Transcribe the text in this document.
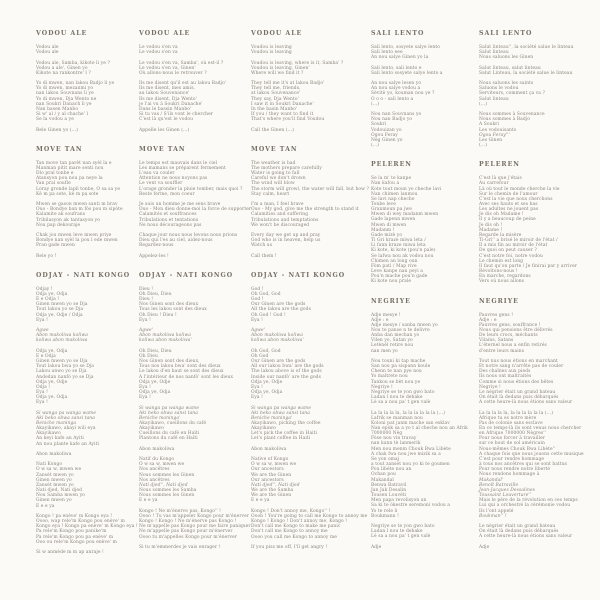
VODOU ALE

Vodou ale
Vodou ale

Vodou ale, Samba, kikote li ye ?
Vodou a ale', Ginen yo
Kikote na rankontre' l ?

Yo di mwen, nan lakou Badjo li ye
Yo di mwen, mezanmi yo
nan lakou Souvnans li ye
Yo di mwen, Dja Wento ne
nan Soukri Danach li ye
Nan basen Manbo
Si w' al / y al chache' l
Se la vodou a ye

Rele Ginen yo (...)

MOVE TAN

Tan move tan parèt nan syèl la e
Manman pitit mare senti nou
Dlo pral tonbe e
Atansyon pou nou pa neye la
Van pral soufle
Loray gronde lapli tonbe, O sa sa ye
Kè m pa sote, kè m pa sote

Mwen se gason mwen santi m brav
Ouo - Bondye ban m fòs pou m sipòte
Kalamite ak soufrans
Tribilasyon ak tantasyon yo
Nou pap dekouraje

Chak jou mwen leve mwen priye
Bondye nan syèl la pou l ede mwen
Pran gade mwen

Rele yo !

ODJAY - NATI KONGO

Odjay !
Odja ye, Odja
E e Odja !
Ginen mwen yo se Dja
Tout lakou yo se Dja
Odja ye, Odje / Odja
Eya !

Agwe
Abon makoliwa koliwa
koliwa abon makoliwa

Odja ye, Odja
E e Odja
Ginen mwen yo se Dja
Tout lakou bwa yo se Dja
Lakou anwo yo se Dja
Andedan nanfò yo se Dja
Odja ye, Odje
Odja !
Eya !
Odja ye, Odja
Eya !

Si wanga pa wanga wame
Aki beko obwa sansi tana
Beniche maninga
Akayikawo, akayi wili eya
Akayikawo
An keyi kafe an Ayiti
An nou plante kafe an Ayiti

Abon makoliwa

Nati Kongo
O w sa w, mwen we
Zansèt mwen yo
Ginen mwen yo
Zansèt mwen yo
Nati djed, Nati djed
Nou Samba mwen yo
Ginen mwen yo
E e e ya

Kongo ! pa enève' m Kongo eya !
Oooo, wap rele'm Kongo pou enève' m
Kongo eya ! Kongo pa enève' m Kongo eya !
Pa rele'm Kongo pou panike'm
Pa rele'm Kongo pou pa enève' m
Ooo ou rele'm Kongo pou enève' m

Si w anmède m m ap anraje !

VODOU ALE

Le vodou s'en va
Le vodou s'en va

Le vodou s'en va, Samba', où est-il ?
Le vodou s'en va, Ginen'
Où allons-nous le retrouver ?

Ils me disent qu'il est au lakou Badjo'
Ils me disent, mes amis,
au lakou Souvenance'
Ils me disent, Dja Wento'
je l'ai vu à Soukri Danache'
Dans le bassin Manbo'
Si tu vas / S'ils vont le chercher
C'est là qu'est le vodou

Appelle les Ginen (...)

MOVE TAN

Le temps est mauvais dans le ciel
Les mamans se préparent fermement
L'eau va couler
Attention ne nous noyons pas
Le vent va souffler
L'orage gronder la pluie tomber, mais quoi ?
Reste ferme, mon coeur

Je suis un homme je me sens brave
Ouo - Mon dieu donne-moi la force de supporter
Calamités et souffrances
Tribulations et tentations
Ne nous décourageons pas

Chaque jour nous nous levons nous prions
Dieu qui l'es au ciel, aidez-nous
Regardez-nous

Appelez-les !

ODJAY - NATI KONGO

Dieu !
Oh Dieu, Dieu
Dieu !
Nos Ginen sont des dieux
Tous les lakou sont des dieux
Oh Dieu ! Dieu !
Eya !

Agwe'
Abon makoliwa koliwa
koliwa abon makoliwa'

Oh Dieu, Dieu
Oh Dieu
Nos Ginen sont des dieux,
Tous nos lakou bwa' sont des dieux
Le lakou d'en haut se sont des dieux
A l'intérieur de nos nanfò' sont les dieux
Odja ye, Odje
Eya !
Odja ye, Odja
Eya !

Si wanga pa wanga wame
Aki beko obwa sansi tana
Beniche maninga'
Akayikawo, cueillons du café
Akayikawo
Cueillons du café en Haïti
Plantons du café en Haïti

Abon makoliwa

Natif du Kongo
O w sa w, mwen we
Nos ancêtres
Nous sommes les Ginen
Nos ancêtres
Nati djed'', Nati djed
Nous sommes les Samba
Nous sommes les Ginen
E e e ya

Kongo ! Ne m'énerve pas, Kongo'' !
Oooo ! Tu vas m'appeler Kongo pour m'énerver
Kongo ! Kongo ! Ne m'énerve pas Kongo !
Ne m'appelle pas Kongo pour me faire paniquer
Ne m'appelle pas Kongo pour m'énerver
Oooo tu m'appelles Kongo pour m'énerver

Si tu m'emmerdes je vais enrager !

VODOU ALE

Voudou is leaving
Voudou is leaving

Voudou is leaving, where is it, Samba' ?
Voudou is leaving, Ginen'
Where will we find it ?

They tell me it's at lakou Badjo'
They tell me, friends,
at lakou Souvenance'
They say, Dja Wento'
I saw it in Soukri Danache'
In the basin Manbo'
If you / they want to find it
That's where you'll find Voudou

Call the Ginen (...)

MOVE TAN

The weather is bad
The mothers prepare carefully
Water is going to fall
Careful we don't drown
The wind will blow
The storm will growl, the water will fall, but how ?
Stay calm, heart

I'm a man, I feel brave
Ouo - My god, give me the strength to stand it
Calamities and suffering
Tribulations and temptations
We won't be discouraged

Every day we get up and pray
God who is in heaven, help us
Watch us

Call them !

ODJAY - NATI KONGO

God !
Oh God, God
God !
Our Ginen are the gods
All the lakou are the gods
Oh God ! God !
Eya !

Agwe'
Abon makoliwa koliwa
koliwa abon makoliwa'

Oh God, God
Oh God
Our Ginen are the gods
All our lakou bwa' are the gods
The lakou above is of the gods
Inside our nanfò' are the gods
Odja ye, Odje
Eya !
Odja ye, Odja
Eya !

Si wanga pa wanga wame
Aki beko obwa sansi tana
Beniche maninga'
Akayikawo, picking the coffee
Akayikawo
Let's pick the coffee in Haiti
Let's plant coffee in Haiti

Abon makoliwa

Native of Kongo
O w sa w, mwen we
Our ancestors
We are the Ginen
Our ancestors
Nati djed'', Nati djed
We are the Samba
We are the Ginen
E e e ya

Kongo ! Don't annoy me, Kongo'' !
Oooh ! You're going to call me Kongo to annoy me
Kongo ! Kongo ! Don't annoy me, Kongo !
Don't call me Kongo to make me panic
Don't call me Kongo to annoy me
Oooo you call me Kongo to annoy me

If you piss me off, I'll get angry !

SALI LENTO

Sali lento, sosyete salye lento
Sali lento eee
An nou salye Ginen yo la

Sali lento, sali lento e
Sali lento sosyete salye lento a

An nou salye lesen yo
An nou salye vodou a
Sèvitè yo, kouman nou ye ?
O o o - sali lento a
(...)

Nou nan Souvnans yo
Nou nan Badjo yo
Soukri
Vodouizan yo
Ogou Feray
Nèg Ginen yo
(...)

PELEREN

Se la m' te kanpe
Nan kafou a
Kote tout moun yo cheche lavi
Nan chimen lanmou
Se lavi nap cheche
Tonbe leve
Granmoun pa jwe
Mwen di wey madanm mwen
Gade lapenn mwen
Mwen di mwen
Madanm !
Gade mizè yo
Ti Gri kraze miwa leta /
Li fann kraze miwa leta
Ki kote, ki kote (pou'n pale)
Se lafwa nou ak vodou nou
Chimen an long oun
Fòm pati / Map rive
Leve kanpe nan peyi a
Pou'n mache pou'n gade
Ki kote nou prale

NEGRIYE

Adje mesye !
Adje : e
Adje mesye / sanba mwen yo
Nou te panse n te delivre
Anba dan mechan yo
Vilen yo, Satan yo
Letènèl retire nou
nan men yo

Nou touni ki tap mache
San nou pa sispann koule
Chenn te nan pye nou
Yo maltrete nou
Tankou se bèt nou ye
Negriye !
Negriye se te yon gwo bato
Ladan l nou te debake
Lè sa a nou pa' t gen valè

La la la la la, la la la la la la (...)
Lafrik se manman nou
Koloni pat janm mache san esklav
Nan epòk sa a yo t al cheche nou an Afrik
7000000 Nèg
Fòse nou vin travay
nan kann tè lanmerik
Men nou menm Chouk Bwa Libète
A chak fwa nou jwe mizik sa a
Se yon omaj
a tout zansèt nou yo ki te goumen
Pou libète nou an
Ochan pou
Makandal
Benwa Batravil
Jan Jak Desalin
Tousen Louvèti
Men papa revolisyon an
Sa ki te òkestre seremoni vodou a
Yo te rele li
Boukmann !

Negriye se te yon gwo bato
Ladan l nou te debake
Lè sa a nou pa' t gen valè

Adje

SALI LENTO

Salut linteau'', la société salue le linteau
Salut linteau
Nous saluons les Ginen

Salut linteau, salut linteau
Salut Linteau, la société salue le linteau

Nous saluons les saints
Saluons le vodou
Serviteurs, comment ça va ?
Salut linteau
(...)

Nous sommes à Souvenance
Nous sommes à Badjo
A Soukri
Les vodouisants
Ogou Feray'''
Les Ginen
(...)

PELEREN

C'est là que j'étais
Au carrefour
Là où tout le monde cherche la vie
Sur le chemin de l'amour
C'est la vie que nous cherchons
Avec ses hauts et ses bas
Les adultes ne jouent pas
Je dis oh Madame !
Il y a beaucoup de peine
Je dis oh !
Madame !
Regarde la misère
Ti-Gri'' a brisé le miroir de l'état /
Il a mis fin au miroir de l'état
De quoi on peut causer ?
C'est notre foi, notre vodou
Le chemin est long
Il faut qu'on parte / Je finirai par y arriver
Révoltons-nous !
En marche, regardons
Vers où nous allons

NEGRIYE

Pauvres gens !
Adje : e
Pauvres gens, souffrance !
Nous qui pensions être délivrés
De leurs crocs, méchants
Vilains, Satans
L'éternel nous a enfin retirés
d'entre leurs mains

Tout nus nous étions en marchant
Et notre sang n'arrête pas de couler
Des chaînes aux pieds
Ils nous ont maltraités
Comme si nous étions des bêtes
Negriye !
Le négrier était un grand bateau
On était là dedans puis débarqués
A cette heure-là nous étions sans valeur

La la la la la, la la la la la la (...)
Afrique tu es notre mère
Pas de colonie sans esclave
En ce temps-là ils sont venus nous chercher
en Afrique 7000000 Nègres''
Pour nous forcer à travailler
sur ce bout de sol américain
Nous-mêmes Chouk Bwa Libète''
A chaque fois que nous jouons cette musique
C'est pour rendre hommage
à tous nos ancêtres qui se sont battus
Pour nous rendre notre liberté
Nous rendons hommage à
Makandal'
Benoît Batraville
Jean-Jacques Dessalines
Toussaint Louverture''
Mais le père de la révolution en ces temps
Lui qui a orchestré la cérémonie vodou
Ils l'ont appelé
Boukman'' !

Le négrier était un grand bateau
On était là dedans puis débarqués
A cette heure-là nous étions sans valeur

Adje
